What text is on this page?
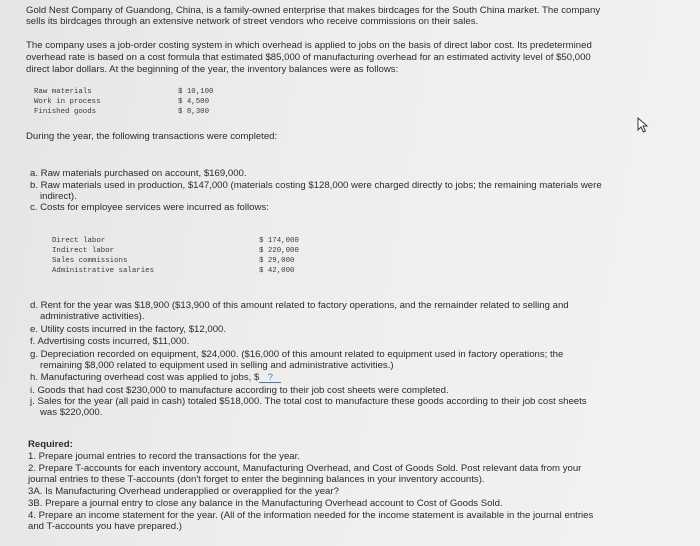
Gold Nest Company of Guandong, China, is a family-owned enterprise that makes birdcages for the South China market. The company
sells its birdcages through an extensive network of street vendors who receive commissions on their sales.
The company uses a job-order costing system in which overhead is applied to jobs on the basis of direct labor cost. Its predetermined
overhead rate is based on a cost formula that estimated $85,000 of manufacturing overhead for an estimated activity level of $50,000
direct labor dollars. At the beginning of the year, the inventory balances were as follows:
Raw materials	$ 10,100
Work in process	$ 4,500
Finished goods	$ 8,300
During the year, the following transactions were completed:
a. Raw materials purchased on account, $169,000.
b. Raw materials used in production, $147,000 (materials costing $128,000 were charged directly to jobs; the remaining materials were
indirect).
c. Costs for employee services were incurred as follows:
Direct labor	$ 174,000
Indirect labor	$ 220,000
Sales commissions	$ 29,000
Administrative salaries	$ 42,000
d. Rent for the year was $18,900 ($13,900 of this amount related to factory operations, and the remainder related to selling and
administrative activities).
e. Utility costs incurred in the factory, $12,000.
f. Advertising costs incurred, $11,000.
g. Depreciation recorded on equipment, $24,000. ($16,000 of this amount related to equipment used in factory operations; the
remaining $8,000 related to equipment used in selling and administrative activities.)
h. Manufacturing overhead cost was applied to jobs, $ ?
i. Goods that had cost $230,000 to manufacture according to their job cost sheets were completed.
j. Sales for the year (all paid in cash) totaled $518,000. The total cost to manufacture these goods according to their job cost sheets
was $220,000.
Required:
1. Prepare journal entries to record the transactions for the year.
2. Prepare T-accounts for each inventory account, Manufacturing Overhead, and Cost of Goods Sold. Post relevant data from your
journal entries to these T-accounts (don't forget to enter the beginning balances in your inventory accounts).
3A. Is Manufacturing Overhead underapplied or overapplied for the year?
3B. Prepare a journal entry to close any balance in the Manufacturing Overhead account to Cost of Goods Sold.
4. Prepare an income statement for the year. (All of the information needed for the income statement is available in the journal entries
and T-accounts you have prepared.)
